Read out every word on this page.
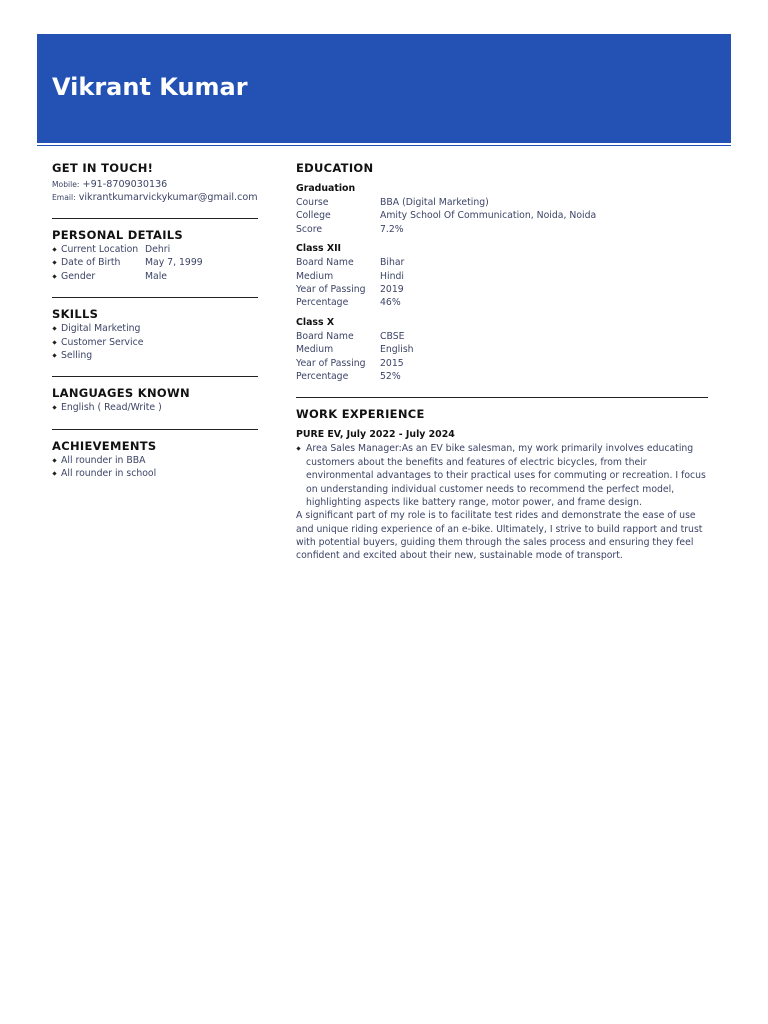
Vikrant Kumar
GET IN TOUCH!
Mobile: +91-8709030136
Email: vikrantkumarvickykumar@gmail.com
PERSONAL DETAILS
Current Location Dehri
Date of Birth	May 7, 1999
Gender	Male
SKILLS
Digital Marketing
Customer Service
Selling
LANGUAGES KNOWN
English ( Read/Write )
ACHIEVEMENTS
All rounder in BBA
All rounder in school
EDUCATION
Graduation
Course	BBA (Digital Marketing)
College	Amity School Of Communication, Noida, Noida
Score	7.2%
Class XII
Board Name	Bihar
Medium	Hindi
Year of Passing	2019
Percentage	46%
Class X
Board Name	CBSE
Medium	English
Year of Passing	2015
Percentage	52%
WORK EXPERIENCE
PURE EV, July 2022 - July 2024

Area Sales Manager:As an EV bike salesman, my work primarily involves educating customers about the benefits and features of electric bicycles, from their environmental advantages to their practical uses for commuting or recreation. I focus on understanding individual customer needs to recommend the perfect model, highlighting aspects like battery range, motor power, and frame design.

A significant part of my role is to facilitate test rides and demonstrate the ease of use and unique riding experience of an e-bike. Ultimately, I strive to build rapport and trust with potential buyers, guiding them through the sales process and ensuring they feel confident and excited about their new, sustainable mode of transport.
